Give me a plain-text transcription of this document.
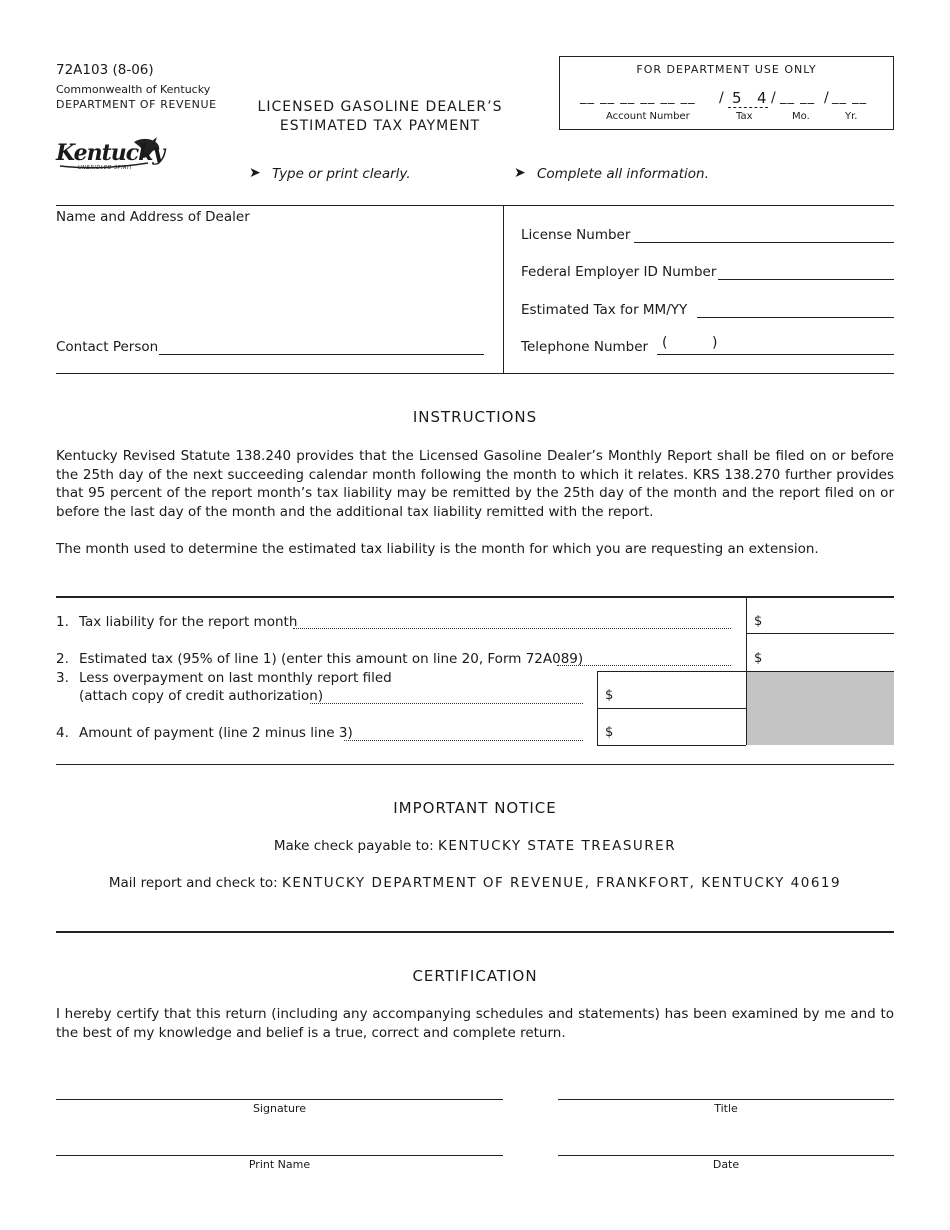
72A103 (8-06)
Commonwealth of Kentucky
DEPARTMENT OF REVENUE	LICENSED GASOLINE DEALER’S
ESTIMATED TAX PAYMENT
Kentucky
UNBRIDLED SPIRIT
FOR DEPARTMENT USE ONLY
__ __ __ __ __ __ / 5 4 / __ __ / __ __
Account Number	Tax	Mo.	Yr.
➤ Type or print clearly.	➤ Complete all information.
Name and Address of Dealer
Contact Person
License Number
Federal Employer ID Number
Estimated Tax for MM/YY
Telephone Number (          )
INSTRUCTIONS
Kentucky Revised Statute 138.240 provides that the Licensed Gasoline Dealer’s Monthly Report shall be filed on or before the 25th day of the next succeeding calendar month following the month to which it relates. KRS 138.270 further provides that 95 percent of the report month’s tax liability may be remitted by the 25th day of the month and the report filed on or before the last day of the month and the additional tax liability remitted with the report.
The month used to determine the estimated tax liability is the month for which you are requesting an extension.
1. Tax liability for the report month	$
2. Estimated tax (95% of line 1) (enter this amount on line 20, Form 72A089)	$
3. Less overpayment on last monthly report filed
(attach copy of credit authorization)	$
4. Amount of payment (line 2 minus line 3)	$
IMPORTANT NOTICE
Make check payable to: KENTUCKY STATE TREASURER
Mail report and check to: KENTUCKY DEPARTMENT OF REVENUE, FRANKFORT, KENTUCKY 40619
CERTIFICATION
I hereby certify that this return (including any accompanying schedules and statements) has been examined by me and to the best of my knowledge and belief is a true, correct and complete return.
Signature	Title
Print Name	Date
